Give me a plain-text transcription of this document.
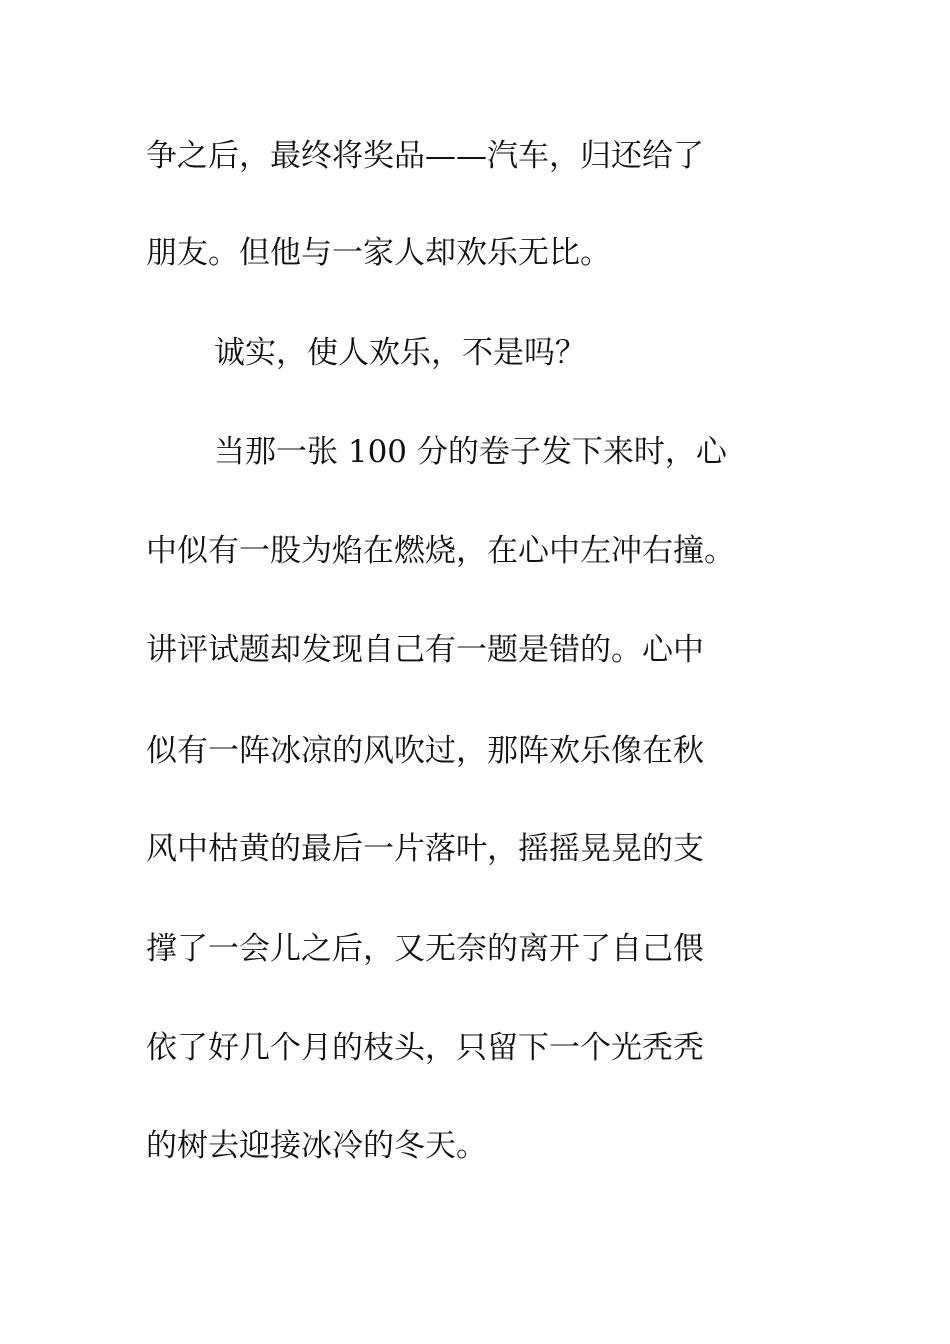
争之后，最终将奖品——汽车，归还给了
朋友。但他与一家人却欢乐无比。
诚实，使人欢乐，不是吗？
当那一张 100 分的卷子发下来时，心
中似有一股为焰在燃烧，在心中左冲右撞。
讲评试题却发现自己有一题是错的。心中
似有一阵冰凉的风吹过，那阵欢乐像在秋
风中枯黄的最后一片落叶，摇摇晃晃的支
撑了一会儿之后，又无奈的离开了自己偎
依了好几个月的枝头，只留下一个光秃秃
的树去迎接冰冷的冬天。
